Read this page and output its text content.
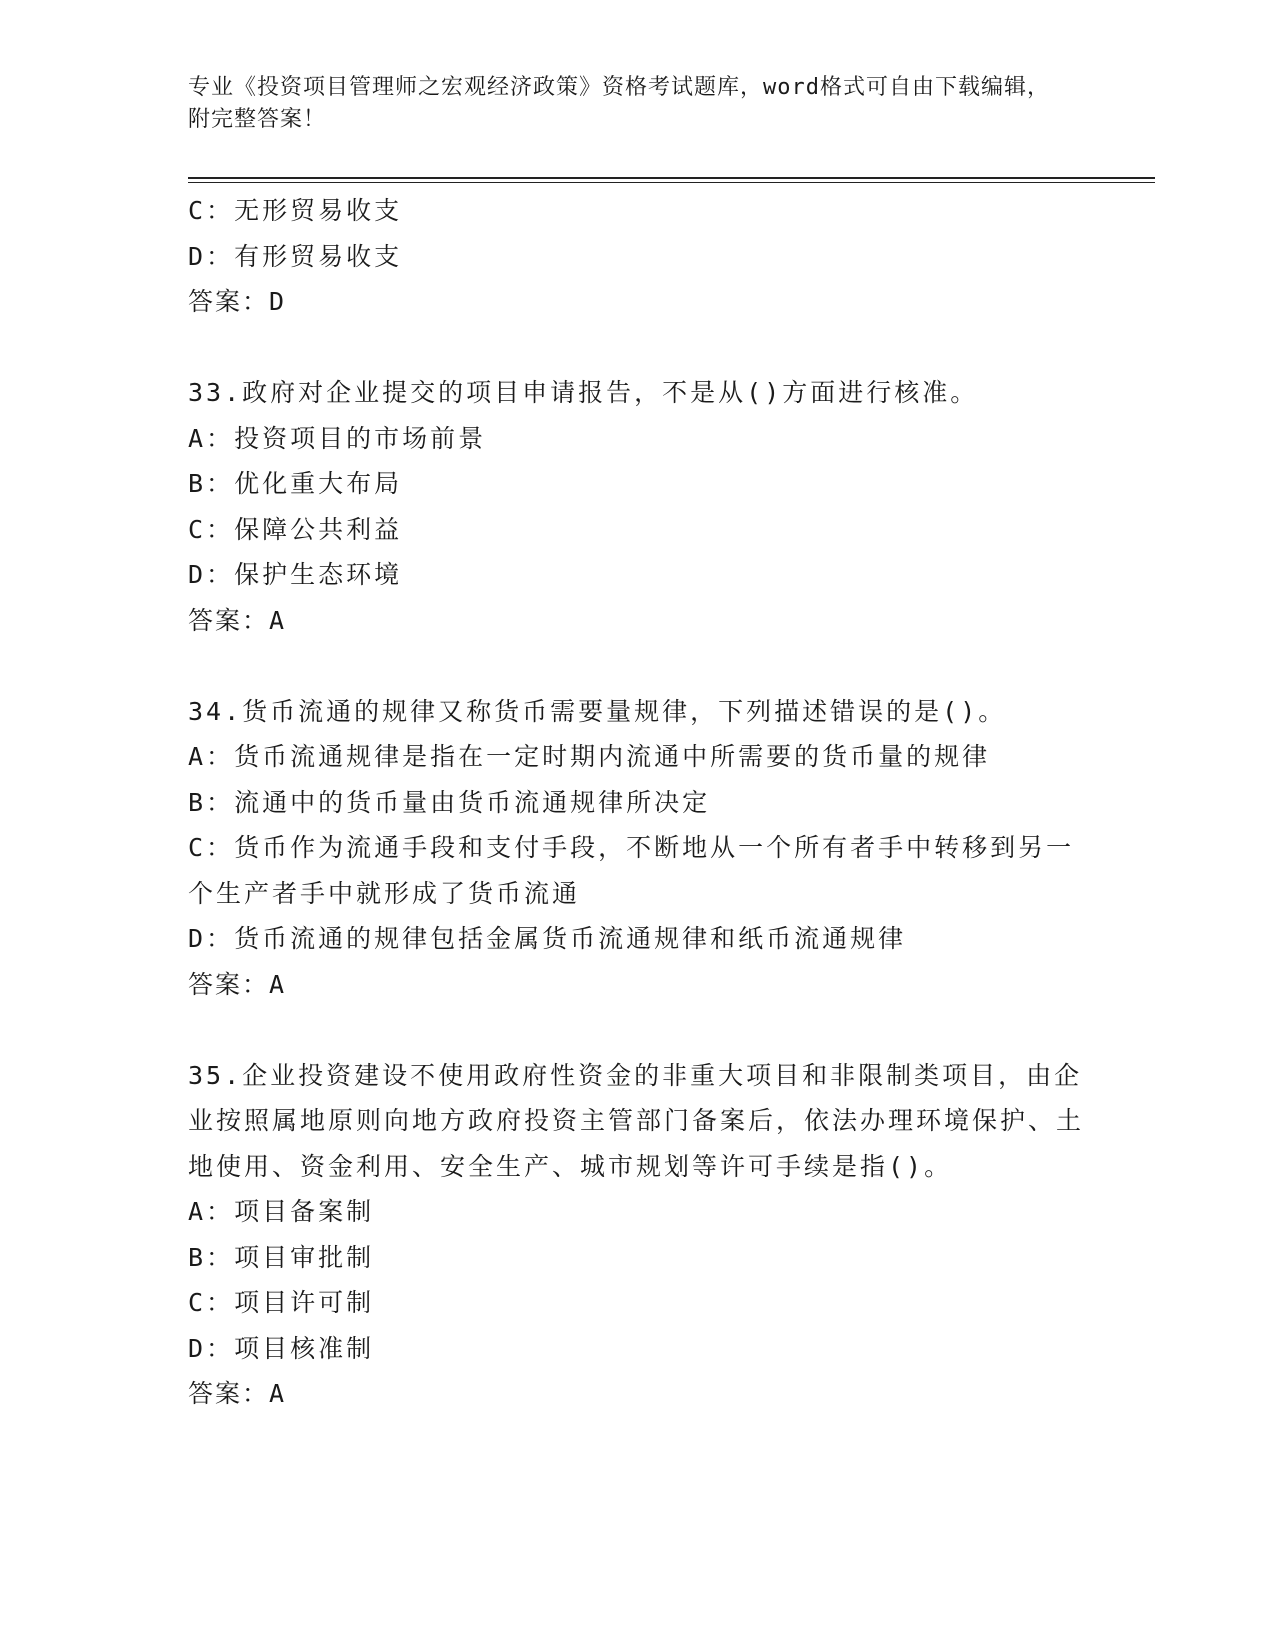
专业《投资项目管理师之宏观经济政策》资格考试题库，word格式可自由下载编辑，附完整答案！
C：无形贸易收支
D：有形贸易收支
答案：D
33.政府对企业提交的项目申请报告，不是从()方面进行核准。
A：投资项目的市场前景
B：优化重大布局
C：保障公共利益
D：保护生态环境
答案：A
34.货币流通的规律又称货币需要量规律，下列描述错误的是()。
A：货币流通规律是指在一定时期内流通中所需要的货币量的规律
B：流通中的货币量由货币流通规律所决定
C：货币作为流通手段和支付手段，不断地从一个所有者手中转移到另一个生产者手中就形成了货币流通
D：货币流通的规律包括金属货币流通规律和纸币流通规律
答案：A
35.企业投资建设不使用政府性资金的非重大项目和非限制类项目，由企业按照属地原则向地方政府投资主管部门备案后，依法办理环境保护、土地使用、资金利用、安全生产、城市规划等许可手续是指()。
A：项目备案制
B：项目审批制
C：项目许可制
D：项目核准制
答案：A
